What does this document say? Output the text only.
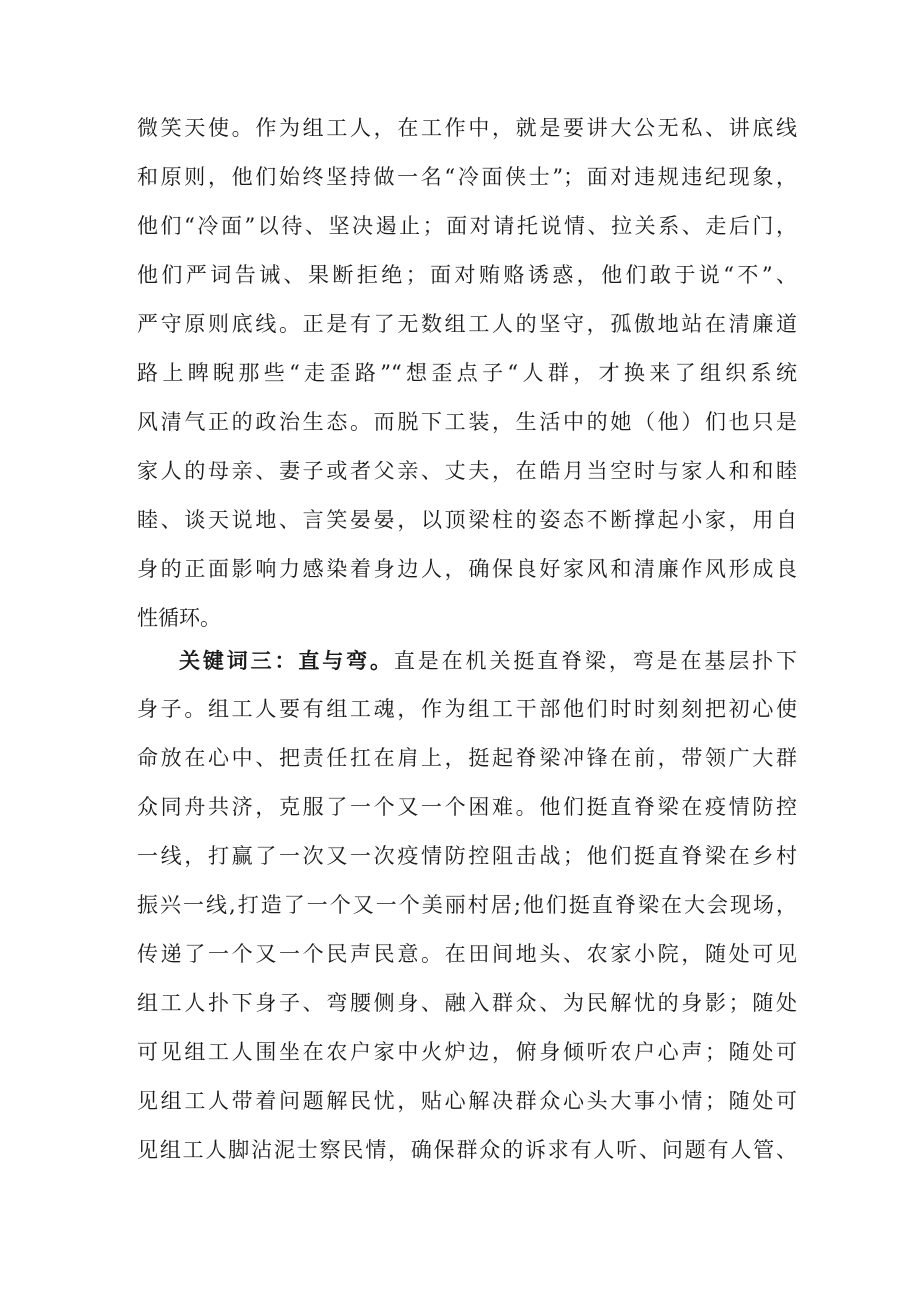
微笑天使。作为组工人，在工作中，就是要讲大公无私、讲底线
和原则，他们始终坚持做一名“冷面侠士”；面对违规违纪现象，
他们“冷面”以待、坚决遏止；面对请托说情、拉关系、走后门，
他们严词告诫、果断拒绝；面对贿赂诱惑，他们敢于说“不”、
严守原则底线。正是有了无数组工人的坚守，孤傲地站在清廉道
路上睥睨那些“走歪路”“想歪点子“人群，才换来了组织系统
风清气正的政治生态。而脱下工装，生活中的她（他）们也只是
家人的母亲、妻子或者父亲、丈夫，在皓月当空时与家人和和睦
睦、谈天说地、言笑晏晏，以顶梁柱的姿态不断撑起小家，用自
身的正面影响力感染着身边人，确保良好家风和清廉作风形成良
性循环。
关键词三：直与弯。直是在机关挺直脊梁，弯是在基层扑下
身子。组工人要有组工魂，作为组工干部他们时时刻刻把初心使
命放在心中、把责任扛在肩上，挺起脊梁冲锋在前，带领广大群
众同舟共济，克服了一个又一个困难。他们挺直脊梁在疫情防控
一线，打赢了一次又一次疫情防控阻击战；他们挺直脊梁在乡村
振兴一线,打造了一个又一个美丽村居;他们挺直脊梁在大会现场，
传递了一个又一个民声民意。在田间地头、农家小院，随处可见
组工人扑下身子、弯腰侧身、融入群众、为民解忧的身影；随处
可见组工人围坐在农户家中火炉边，俯身倾听农户心声；随处可
见组工人带着问题解民忧，贴心解决群众心头大事小情；随处可
见组工人脚沾泥士察民情，确保群众的诉求有人听、问题有人管、
